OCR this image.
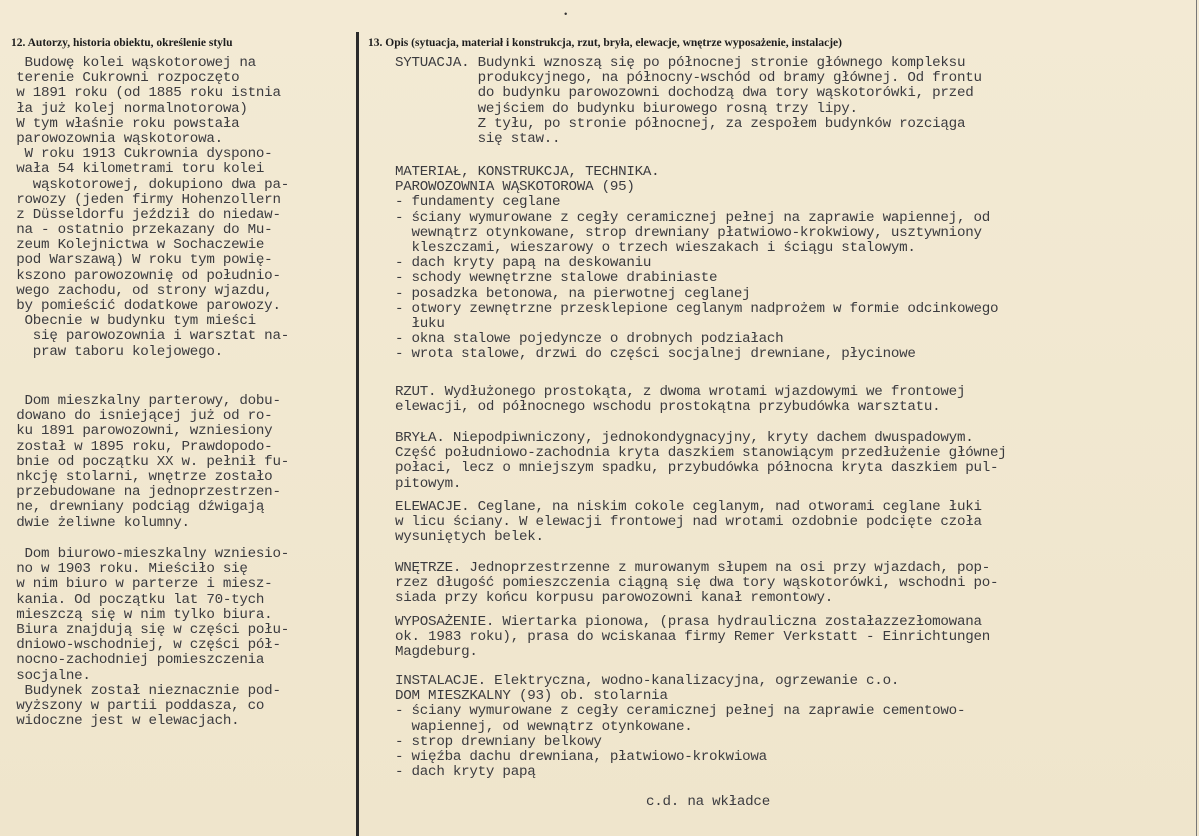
•
12. Autorzy, historia obiektu, określenie stylu	13. Opis (sytuacja, materiał i konstrukcja, rzut, bryła, elewacje, wnętrze wyposażenie, instalacje)
Budowę kolei wąskotorowej na
terenie Cukrowni rozpoczęto
w 1891 roku (od 1885 roku istnia
ła już kolej normalnotorowa)
W tym właśnie roku powstała
parowozownia wąskotorowa.
W roku 1913 Cukrownia dyspono-
wała 54 kilometrami toru kolei
wąskotorowej, dokupiono dwa pa-
rowozy (jeden firmy Hohenzollern
z Düsseldorfu jeździł do niedaw-
na - ostatnio przekazany do Mu-
zeum Kolejnictwa w Sochaczewie
pod Warszawą) W roku tym powię-
kszono parowozownię od południo-
wego zachodu, od strony wjazdu,
by pomieścić dodatkowe parowozy.
Obecnie w budynku tym mieści
się parowozownia i warsztat na-
praw taboru kolejowego.
Dom mieszkalny parterowy, dobu-
dowano do isniejącej już od ro-
ku 1891 parowozowni, wzniesiony
został w 1895 roku, Prawdopodo-
bnie od początku XX w. pełnił fu-
nkcję stolarni, wnętrze zostało
przebudowane na jednoprzestrzen-
ne, drewniany podciąg dźwigają
dwie żeliwne kolumny.
Dom biurowo-mieszkalny wzniesio-
no w 1903 roku. Mieściło się
w nim biuro w parterze i miesz-
kania. Od początku lat 70-tych
mieszczą się w nim tylko biura.
Biura znajdują się w części połu-
dniowo-wschodniej, w części pół-
nocno-zachodniej pomieszczenia
socjalne.
Budynek został nieznacznie pod-
wyższony w partii poddasza, co
widoczne jest w elewacjach.
SYTUACJA. Budynki wznoszą się po północnej stronie głównego kompleksu
produkcyjnego, na północny-wschód od bramy głównej. Od frontu
do budynku parowozowni dochodzą dwa tory wąskotorówki, przed
wejściem do budynku biurowego rosną trzy lipy.
Z tyłu, po stronie północnej, za zespołem budynków rozciąga
się staw..
MATERIAŁ, KONSTRUKCJA, TECHNIKA.
PAROWOZOWNIA WĄSKOTOROWA (95)
- fundamenty ceglane
- ściany wymurowane z cegły ceramicznej pełnej na zaprawie wapiennej, od
wewnątrz otynkowane, strop drewniany płatwiowo-krokwiowy, usztywniony
kleszczami, wieszarowy o trzech wieszakach i ściągu stalowym.
- dach kryty papą na deskowaniu
- schody wewnętrzne stalowe drabiniaste
- posadzka betonowa, na pierwotnej ceglanej
- otwory zewnętrzne przesklepione ceglanym nadprożem w formie odcinkowego
łuku
- okna stalowe pojedyncze o drobnych podziałach
- wrota stalowe, drzwi do części socjalnej drewniane, płycinowe
RZUT. Wydłużonego prostokąta, z dwoma wrotami wjazdowymi we frontowej
elewacji, od północnego wschodu prostokątna przybudówka warsztatu.
BRYŁA. Niepodpiwniczony, jednokondygnacyjny, kryty dachem dwuspadowym.
Część południowo-zachodnia kryta daszkiem stanowiącym przedłużenie głównej
połaci, lecz o mniejszym spadku, przybudówka północna kryta daszkiem pul-
pitowym.
ELEWACJE. Ceglane, na niskim cokole ceglanym, nad otworami ceglane łuki
w licu ściany. W elewacji frontowej nad wrotami ozdobnie podcięte czoła
wysuniętych belek.
WNĘTRZE. Jednoprzestrzenne z murowanym słupem na osi przy wjazdach, pop-
rzez długość pomieszczenia ciągną się dwa tory wąskotorówki, wschodni po-
siada przy końcu korpusu parowozowni kanał remontowy.
WYPOSAŻENIE. Wiertarka pionowa, (prasa hydrauliczna zostałazzezłomowana
ok. 1983 roku), prasa do wciskanaa firmy Remer Verkstatt - Einrichtungen
Magdeburg.
INSTALACJE. Elektryczna, wodno-kanalizacyjna, ogrzewanie c.o.
DOM MIESZKALNY (93) ob. stolarnia
- ściany wymurowane z cegły ceramicznej pełnej na zaprawie cementowo-
wapiennej, od wewnątrz otynkowane.
- strop drewniany belkowy
- więźba dachu drewniana, płatwiowo-krokwiowa
- dach kryty papą
c.d. na wkładce
